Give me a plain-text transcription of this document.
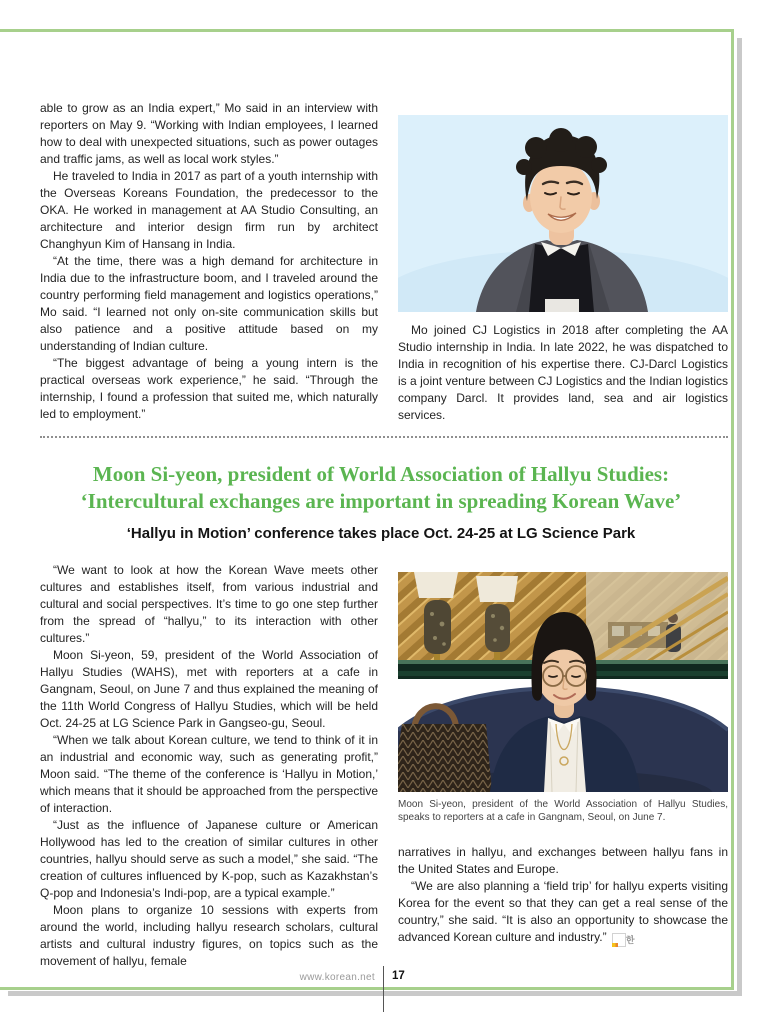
able to grow as an India expert,” Mo said in an interview with reporters on May 9. “Working with Indian employees, I learned how to deal with unexpected situations, such as power outages and traffic jams, as well as local work styles.”

He traveled to India in 2017 as part of a youth internship with the Overseas Koreans Foundation, the predecessor to the OKA. He worked in management at AA Studio Consulting, an architecture and interior design firm run by architect Changhyun Kim of Hansang in India.

“At the time, there was a high demand for architecture in India due to the infrastructure boom, and I traveled around the country performing field management and logistics operations,” Mo said. “I learned not only on-site communication skills but also patience and a positive attitude based on my understanding of Indian culture.

“The biggest advantage of being a young intern is the practical overseas work experience,” he said. “Through the internship, I found a profession that suited me, which naturally led to employment.”

Mo joined CJ Logistics in 2018 after completing the AA Studio internship in India. In late 2022, he was dispatched to India in recognition of his expertise there. CJ-Darcl Logistics is a joint venture between CJ Logistics and the Indian logistics company Darcl. It provides land, sea and air logistics services.

Moon Si-yeon, president of World Association of Hallyu Studies:
‘Intercultural exchanges are important in spreading Korean Wave’
‘Hallyu in Motion’ conference takes place Oct. 24-25 at LG Science Park

“We want to look at how the Korean Wave meets other cultures and establishes itself, from various industrial and cultural and social perspectives. It’s time to go one step further from the spread of “hallyu,” to its interaction with other cultures.”

Moon Si-yeon, 59, president of the World Association of Hallyu Studies (WAHS), met with reporters at a cafe in Gangnam, Seoul, on June 7 and thus explained the meaning of the 11th World Congress of Hallyu Studies, which will be held Oct. 24-25 at LG Science Park in Gangseo-gu, Seoul.

“When we talk about Korean culture, we tend to think of it in an industrial and economic way, such as generating profit,” Moon said. “The theme of the conference is ‘Hallyu in Motion,’ which means that it should be approached from the perspective of interaction.

“Just as the influence of Japanese culture or American Hollywood has led to the creation of similar cultures in other countries, hallyu should serve as such a model,” she said. “The creation of cultures influenced by K-pop, such as Kazakhstan’s Q-pop and Indonesia’s Indi-pop, are a typical example.”

Moon plans to organize 10 sessions with experts from around the world, including hallyu research scholars, cultural artists and cultural industry figures, on topics such as the movement of hallyu, female

Moon Si-yeon, president of the World Association of Hallyu Studies, speaks to reporters at a cafe in Gangnam, Seoul, on June 7.

narratives in hallyu, and exchanges between hallyu fans in the United States and Europe.

“We are also planning a ‘field trip’ for hallyu experts visiting Korea for the event so that they can get a real sense of the country,” she said. “It is also an opportunity to showcase the advanced Korean culture and industry.”	한

www.korean.net 17
